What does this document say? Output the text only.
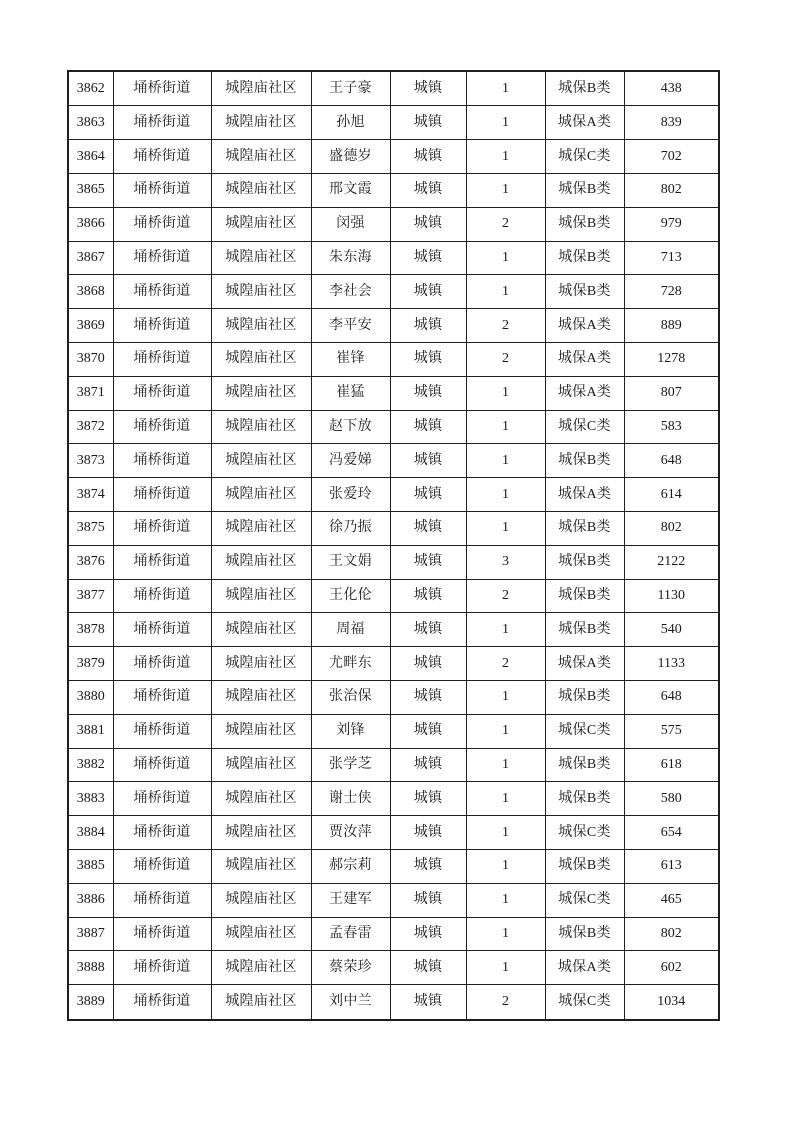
3862	埇桥街道	城隍庙社区	王子豪	城镇	1	城保B类	438
3863	埇桥街道	城隍庙社区	孙旭	城镇	1	城保A类	839
3864	埇桥街道	城隍庙社区	盛德岁	城镇	1	城保C类	702
3865	埇桥街道	城隍庙社区	邢文霞	城镇	1	城保B类	802
3866	埇桥街道	城隍庙社区	闵强	城镇	2	城保B类	979
3867	埇桥街道	城隍庙社区	朱东海	城镇	1	城保B类	713
3868	埇桥街道	城隍庙社区	李社会	城镇	1	城保B类	728
3869	埇桥街道	城隍庙社区	李平安	城镇	2	城保A类	889
3870	埇桥街道	城隍庙社区	崔锋	城镇	2	城保A类	1278
3871	埇桥街道	城隍庙社区	崔猛	城镇	1	城保A类	807
3872	埇桥街道	城隍庙社区	赵下放	城镇	1	城保C类	583
3873	埇桥街道	城隍庙社区	冯爱娣	城镇	1	城保B类	648
3874	埇桥街道	城隍庙社区	张爱玲	城镇	1	城保A类	614
3875	埇桥街道	城隍庙社区	徐乃振	城镇	1	城保B类	802
3876	埇桥街道	城隍庙社区	王文娟	城镇	3	城保B类	2122
3877	埇桥街道	城隍庙社区	王化伦	城镇	2	城保B类	1130
3878	埇桥街道	城隍庙社区	周福	城镇	1	城保B类	540
3879	埇桥街道	城隍庙社区	尤畔东	城镇	2	城保A类	1133
3880	埇桥街道	城隍庙社区	张治保	城镇	1	城保B类	648
3881	埇桥街道	城隍庙社区	刘锋	城镇	1	城保C类	575
3882	埇桥街道	城隍庙社区	张学芝	城镇	1	城保B类	618
3883	埇桥街道	城隍庙社区	谢士侠	城镇	1	城保B类	580
3884	埇桥街道	城隍庙社区	贾汝萍	城镇	1	城保C类	654
3885	埇桥街道	城隍庙社区	郝宗莉	城镇	1	城保B类	613
3886	埇桥街道	城隍庙社区	王建军	城镇	1	城保C类	465
3887	埇桥街道	城隍庙社区	孟春雷	城镇	1	城保B类	802
3888	埇桥街道	城隍庙社区	蔡荣珍	城镇	1	城保A类	602
3889	埇桥街道	城隍庙社区	刘中兰	城镇	2	城保C类	1034
